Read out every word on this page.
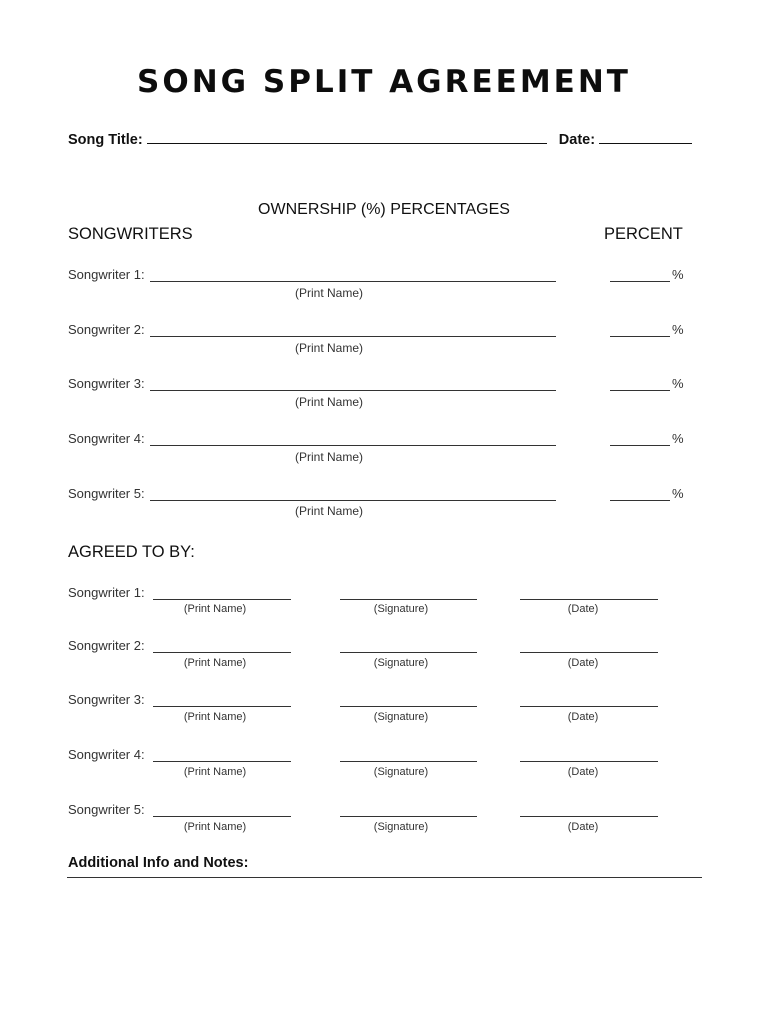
SONG SPLIT AGREEMENT
Song Title:	Date:
OWNERSHIP (%) PERCENTAGES
SONGWRITERS	PERCENT
Songwriter 1:	%
(Print Name)
Songwriter 2:	%
(Print Name)
Songwriter 3:	%
(Print Name)
Songwriter 4:	%
(Print Name)
Songwriter 5:	%
(Print Name)
AGREED TO BY:
Songwriter 1:
(Print Name)	(Signature)	(Date)
Songwriter 2:
(Print Name)	(Signature)	(Date)
Songwriter 3:
(Print Name)	(Signature)	(Date)
Songwriter 4:
(Print Name)	(Signature)	(Date)
Songwriter 5:
(Print Name)	(Signature)	(Date)
Additional Info and Notes:
